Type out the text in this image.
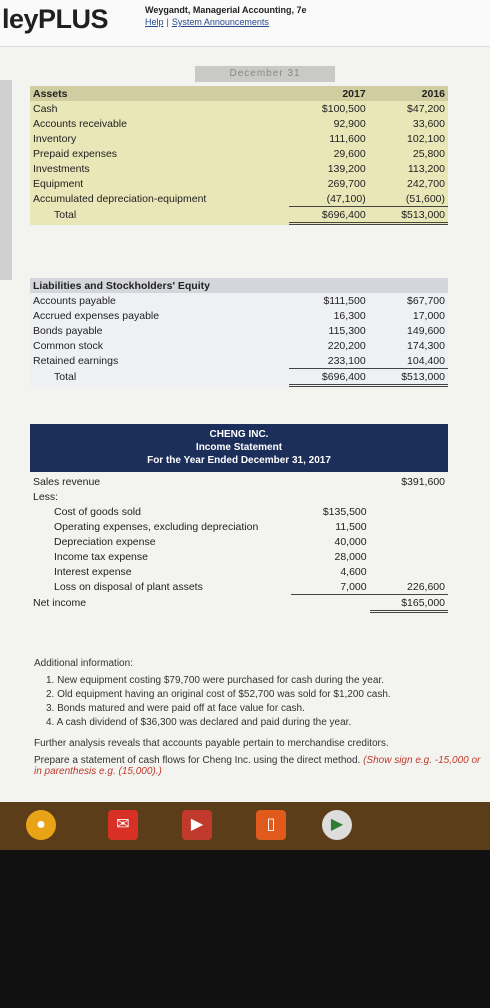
leyPLUS	Weygandt, Managerial Accounting, 7e
Help | System Announcements
December 31
Assets	2017	2016
Cash	$100,500	$47,200
Accounts receivable	92,900	33,600
Inventory	111,600	102,100
Prepaid expenses	29,600	25,800
Investments	139,200	113,200
Equipment	269,700	242,700
Accumulated depreciation-equipment	(47,100)	(51,600)
Total	$696,400	$513,000
Liabilities and Stockholders' Equity		
Accounts payable	$111,500	$67,700
Accrued expenses payable	16,300	17,000
Bonds payable	115,300	149,600
Common stock	220,200	174,300
Retained earnings	233,100	104,400
Total	$696,400	$513,000
CHENG INC.
Income Statement
For the Year Ended December 31, 2017
Sales revenue		$391,600
Less:		
Cost of goods sold	$135,500	
Operating expenses, excluding depreciation	11,500	
Depreciation expense	40,000	
Income tax expense	28,000	
Interest expense	4,600	
Loss on disposal of plant assets	7,000	226,600
Net income		$165,000

Additional information:

1. New equipment costing $79,700 were purchased for cash during the year.
2. Old equipment having an original cost of $52,700 was sold for $1,200 cash.
3. Bonds matured and were paid off at face value for cash.
4. A cash dividend of $36,300 was declared and paid during the year.

Further analysis reveals that accounts payable pertain to merchandise creditors.

Prepare a statement of cash flows for Cheng Inc. using the direct method. (Show sign e.g. -15,000 or in parenthesis e.g. (15,000).)

●	✉	▶	▯	▶
